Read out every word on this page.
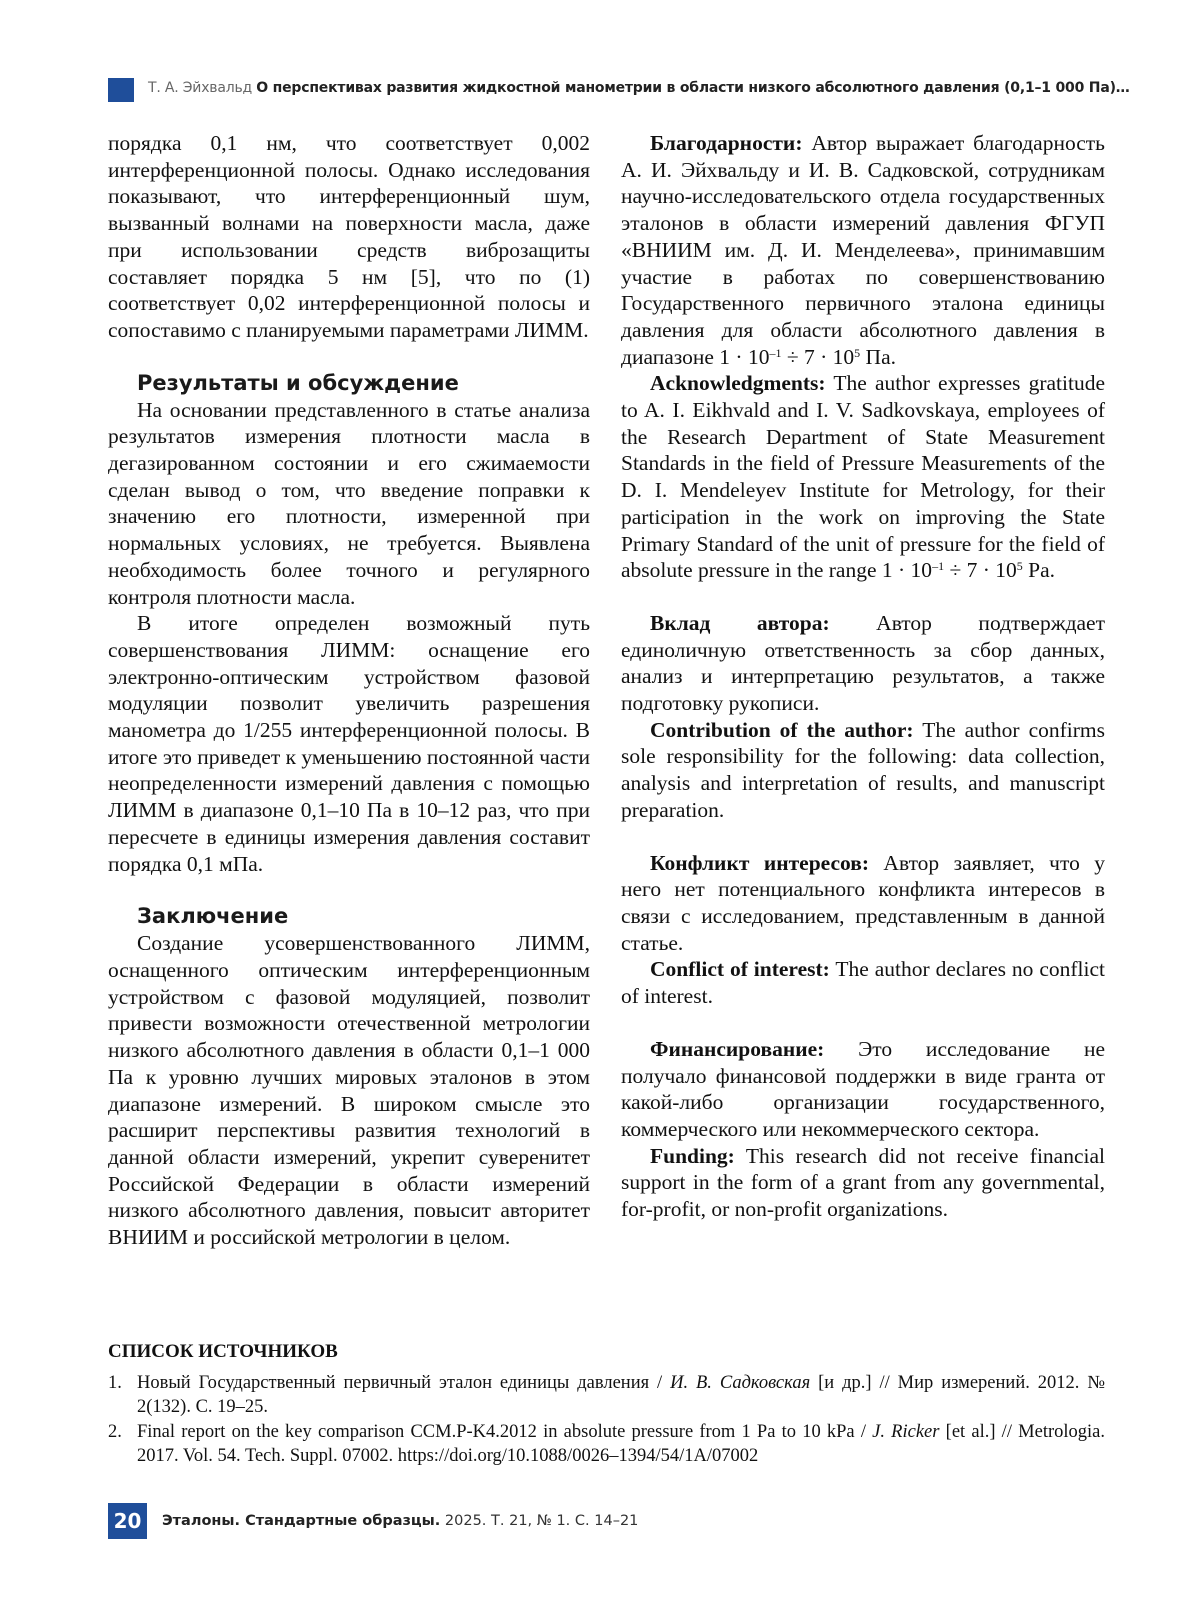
Т. А. Эйхвальд О перспективах развития жидкостной манометрии в области низкого абсолютного давления (0,1–1 000 Па)…

порядка 0,1 нм, что соответствует 0,002 интерференционной полосы. Однако исследования показывают, что интерференционный шум, вызванный волнами на поверхности масла, даже при использовании средств виброзащиты составляет порядка 5 нм [5], что по (1) соответствует 0,02 интерференционной полосы и сопоставимо с планируемыми параметрами ЛИММ.

Результаты и обсуждение

На основании представленного в статье анализа результатов измерения плотности масла в дегазированном состоянии и его сжимаемости сделан вывод о том, что введение поправки к значению его плотности, измеренной при нормальных условиях, не требуется. Выявлена необходимость более точного и регулярного контроля плотности масла.

В итоге определен возможный путь совершенствования ЛИММ: оснащение его электронно-оптическим устройством фазовой модуляции позволит увеличить разрешения манометра до 1/255 интерференционной полосы. В итоге это приведет к уменьшению постоянной части неопределенности измерений давления с помощью ЛИММ в диапазоне 0,1–10 Па в 10–12 раз, что при пересчете в единицы измерения давления составит порядка 0,1 мПа.

Заключение

Создание усовершенствованного ЛИММ, оснащенного оптическим интерференционным устройством с фазовой модуляцией, позволит привести возможности отечественной метрологии низкого абсолютного давления в области 0,1–1 000 Па к уровню лучших мировых эталонов в этом диапазоне измерений. В широком смысле это расширит перспективы развития технологий в данной области измерений, укрепит суверенитет Российской Федерации в области измерений низкого абсолютного давления, повысит авторитет ВНИИМ и российской метрологии в целом.

Благодарности: Автор выражает благодарность А. И. Эйхвальду и И. В. Садковской, сотрудникам научно-исследовательского отдела государственных эталонов в области измерений давления ФГУП «ВНИИМ им. Д. И. Менделеева», принимавшим участие в работах по совершенствованию Государственного первичного эталона единицы давления для области абсолютного давления в диапазоне $1 \cdot 10^{-1} \div 7 \cdot 10^5$ Па.

Acknowledgments: The author expresses gratitude to A. I. Eikhvald and I. V. Sadkovskaya, employees of the Research Department of State Measurement Standards in the field of Pressure Measurements of the D. I. Mendeleyev Institute for Metrology, for their participation in the work on improving the State Primary Standard of the unit of pressure for the field of absolute pressure in the range $1 \cdot 10^{-1} \div 7 \cdot 10^5$ Pa.

Вклад автора: Автор подтверждает единоличную ответственность за сбор данных, анализ и интерпретацию результатов, а также подготовку рукописи.

Contribution of the author: The author confirms sole responsibility for the following: data collection, analysis and interpretation of results, and manuscript preparation.

Конфликт интересов: Автор заявляет, что у него нет потенциального конфликта интересов в связи с исследованием, представленным в данной статье.

Conflict of interest: The author declares no conflict of interest.

Финансирование: Это исследование не получало финансовой поддержки в виде гранта от какой-либо организации государственного, коммерческого или некоммерческого сектора.

Funding: This research did not receive financial support in the form of a grant from any governmental, for-profit, or non-profit organizations.

СПИСОК ИСТОЧНИКОВ
1. Новый Государственный первичный эталон единицы давления / И. В. Садковская [и др.] // Мир измерений. 2012. № 2(132). С. 19–25.
2. Final report on the key comparison CCM.P-K4.2012 in absolute pressure from 1 Pa to 10 kPa / J. Ricker [et al.] // Metrologia. 2017. Vol. 54. Tech. Suppl. 07002. https://doi.org/10.1088/0026–1394/54/1A/07002
20	Эталоны. Стандартные образцы. 2025. Т. 21, № 1. С. 14–21
